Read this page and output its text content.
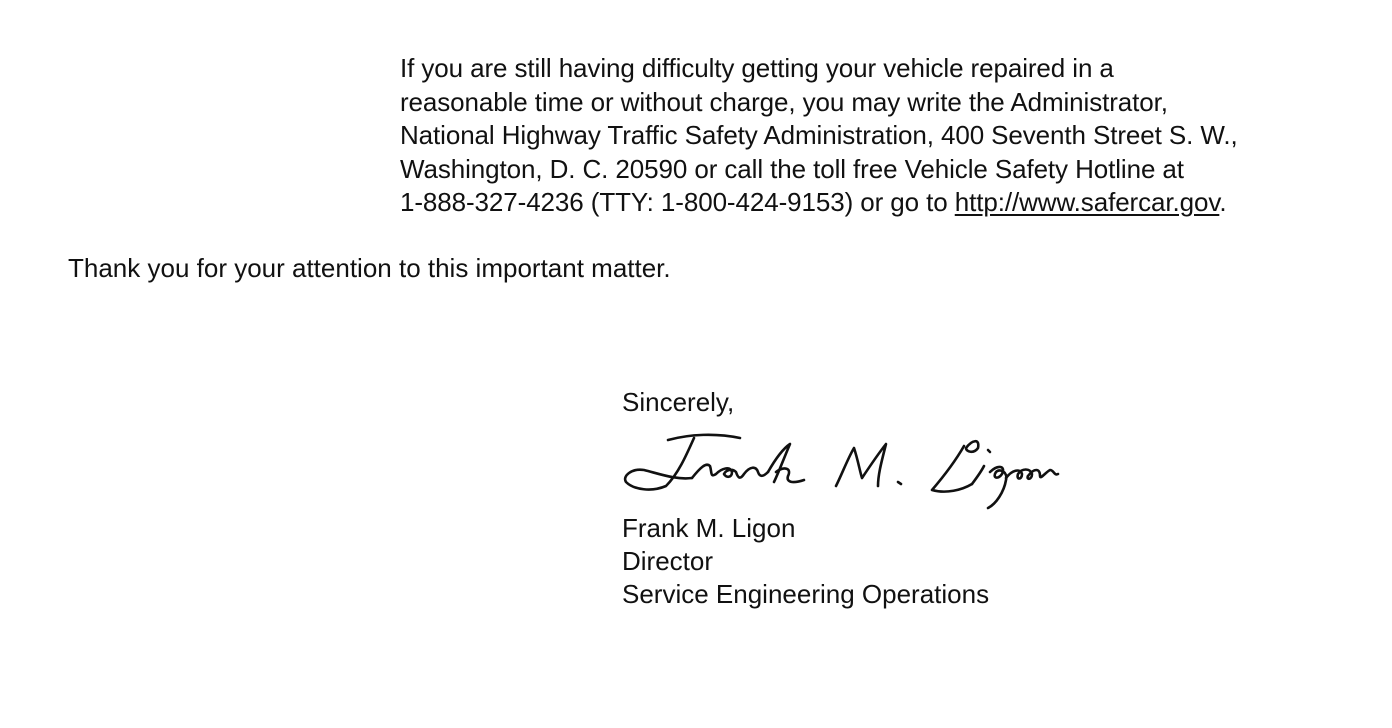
If you are still having difficulty getting your vehicle repaired in a
reasonable time or without charge, you may write the Administrator,
National Highway Traffic Safety Administration, 400 Seventh Street S. W.,
Washington, D. C. 20590 or call the toll free Vehicle Safety Hotline at
1-888-327-4236 (TTY: 1-800-424-9153) or go to http://www.safercar.gov.
Thank you for your attention to this important matter.
Sincerely,
Frank M. Ligon
Director
Service Engineering Operations
